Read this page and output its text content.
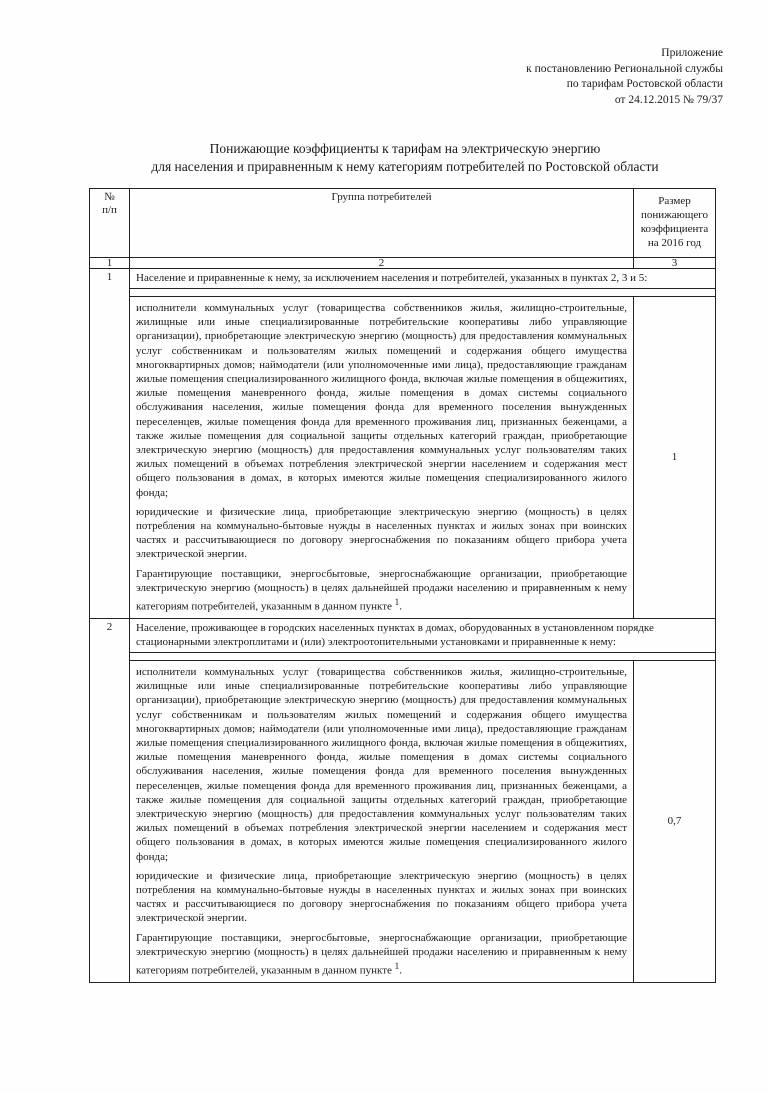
Приложение
к постановлению Региональной службы
по тарифам Ростовской области
от 24.12.2015 № 79/37
Понижающие коэффициенты к тарифам на электрическую энергию
для населения и приравненным к нему категориям потребителей по Ростовской области
№
п/п	Группа потребителей	Размер понижающего коэффициента на 2016 год
1	2	3
1	Население и приравненные к нему, за исключением населения и потребителей, указанных в пунктах 2, 3 и 5:	

	исполнители коммунальных услуг (товарищества собственников жилья, жилищно-строительные, жилищные или иные специализированные потребительские кооперативы либо управляющие организации), приобретающие электрическую энергию (мощность) для предоставления коммунальных услуг собственникам и пользователям жилых помещений и содержания общего имущества многоквартирных домов; наймодатели (или уполномоченные ими лица), предоставляющие гражданам жилые помещения специализированного жилищного фонда, включая жилые помещения в общежитиях, жилые помещения маневренного фонда, жилые помещения в домах системы социального обслуживания населения, жилые помещения фонда для временного поселения вынужденных переселенцев, жилые помещения фонда для временного проживания лиц, признанных беженцами, а также жилые помещения для социальной защиты отдельных категорий граждан, приобретающие электрическую энергию (мощность) для предоставления коммунальных услуг пользователям таких жилых помещений в объемах потребления электрической энергии населением и содержания мест общего пользования в домах, в которых имеются жилые помещения специализированного жилого фонда;

юридические и физические лица, приобретающие электрическую энергию (мощность) в целях потребления на коммунально-бытовые нужды в населенных пунктах и жилых зонах при воинских частях и рассчитывающиеся по договору энергоснабжения по показаниям общего прибора учета электрической энергии.

Гарантирующие поставщики, энергосбытовые, энергоснабжающие организации, приобретающие электрическую энергию (мощность) в целях дальнейшей продажи населению и приравненным к нему категориям потребителей, указанным в данном пункте $^1$.	1
2	Население, проживающее в городских населенных пунктах в домах, оборудованных в установленном порядке стационарными электроплитами и (или) электроотопительными установками и приравненные к нему:	

	исполнители коммунальных услуг (товарищества собственников жилья, жилищно-строительные, жилищные или иные специализированные потребительские кооперативы либо управляющие организации), приобретающие электрическую энергию (мощность) для предоставления коммунальных услуг собственникам и пользователям жилых помещений и содержания общего имущества многоквартирных домов; наймодатели (или уполномоченные ими лица), предоставляющие гражданам жилые помещения специализированного жилищного фонда, включая жилые помещения в общежитиях, жилые помещения маневренного фонда, жилые помещения в домах системы социального обслуживания населения, жилые помещения фонда для временного поселения вынужденных переселенцев, жилые помещения фонда для временного проживания лиц, признанных беженцами, а также жилые помещения для социальной защиты отдельных категорий граждан, приобретающие электрическую энергию (мощность) для предоставления коммунальных услуг пользователям таких жилых помещений в объемах потребления электрической энергии населением и содержания мест общего пользования в домах, в которых имеются жилые помещения специализированного жилого фонда;

юридические и физические лица, приобретающие электрическую энергию (мощность) в целях потребления на коммунально-бытовые нужды в населенных пунктах и жилых зонах при воинских частях и рассчитывающиеся по договору энергоснабжения по показаниям общего прибора учета электрической энергии.

Гарантирующие поставщики, энергосбытовые, энергоснабжающие организации, приобретающие электрическую энергию (мощность) в целях дальнейшей продажи населению и приравненным к нему категориям потребителей, указанным в данном пункте $^1$.	0,7
